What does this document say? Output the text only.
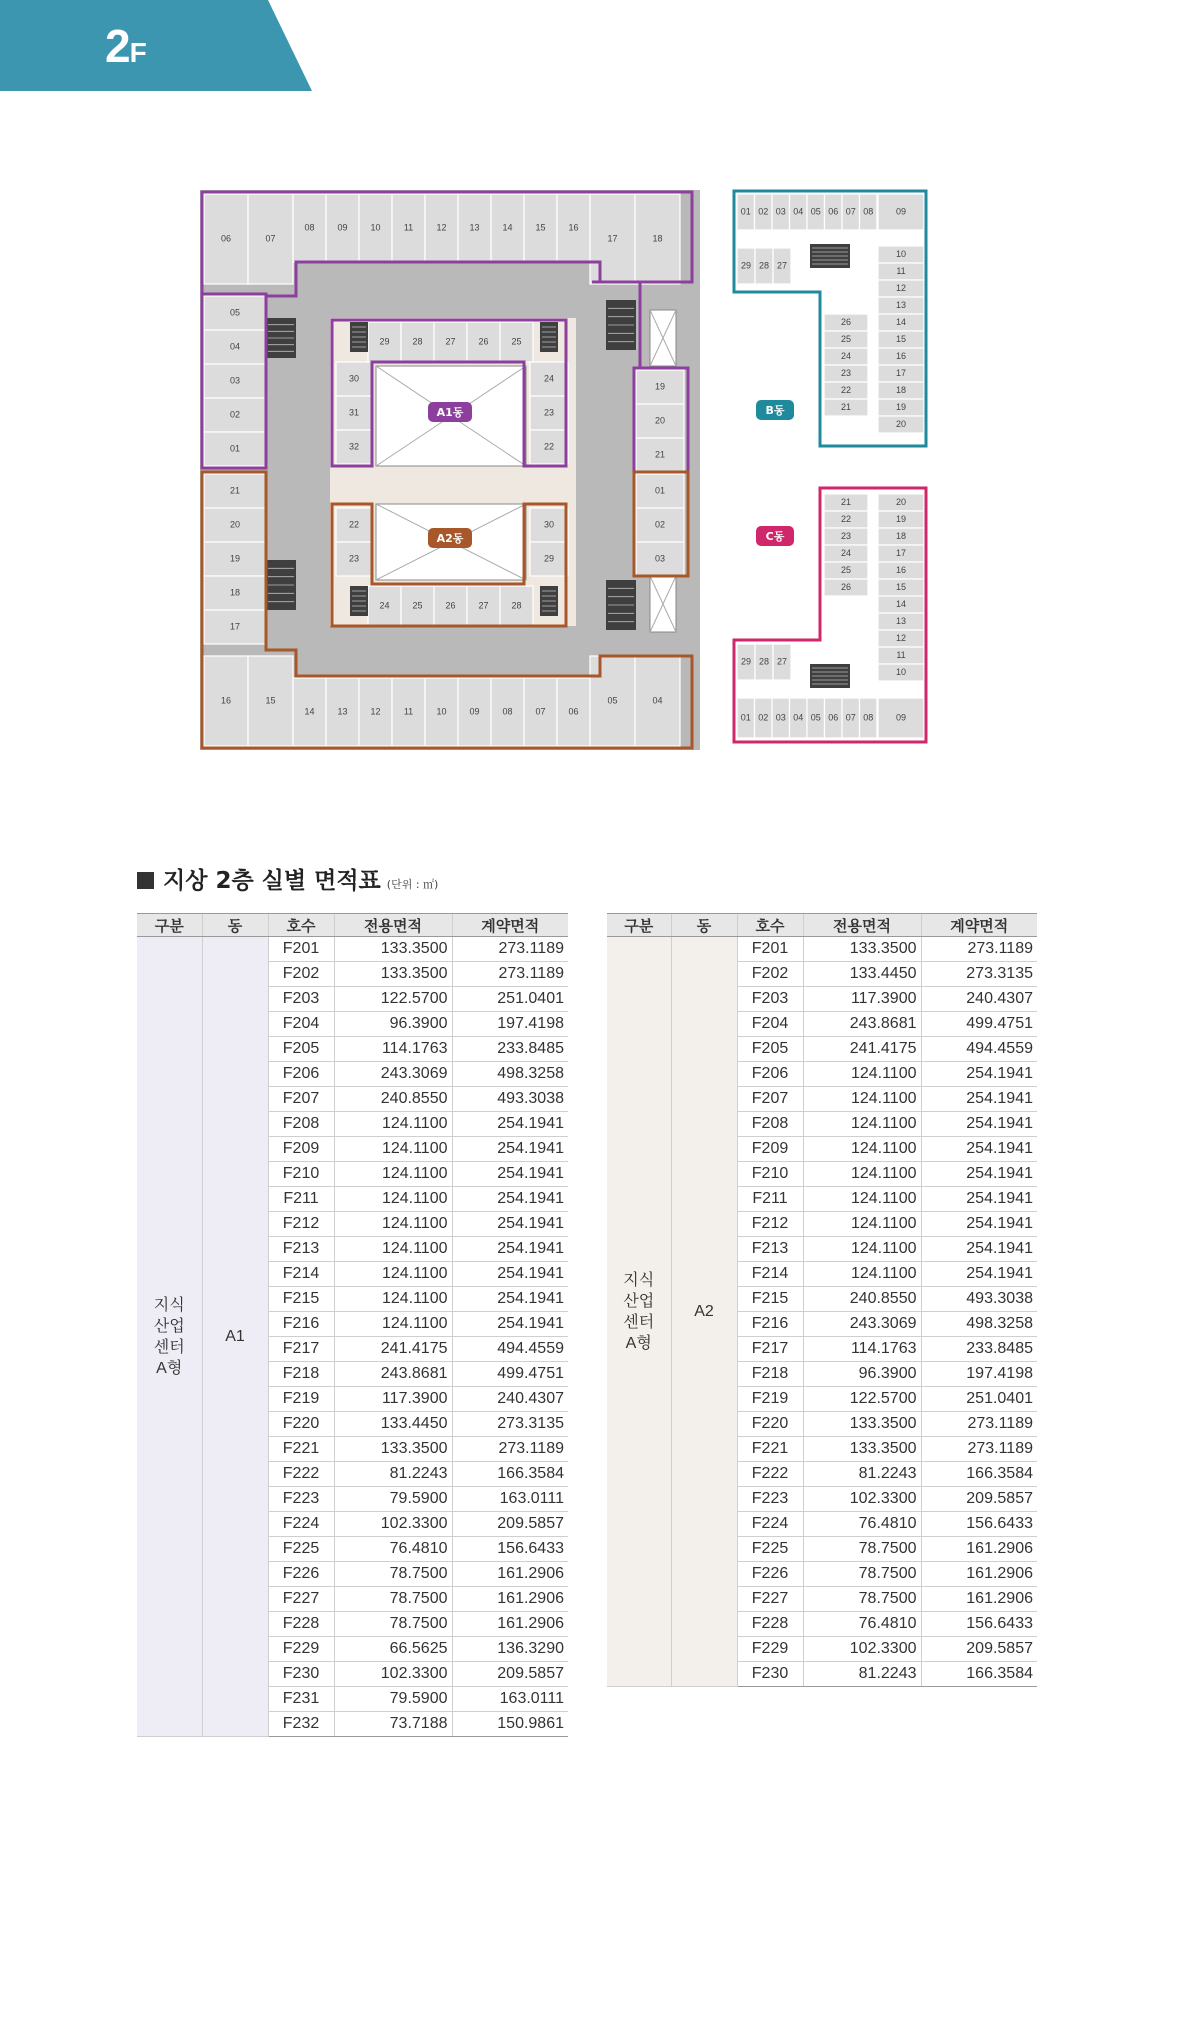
2F
06	07
08	09	10	11	12	13	14	15	16
17	18
05
04
03
02
01
21
20
19
18
17
16	15
14	13	12	11	10	09	08	07	06
05	04
19
20
21
01
02
03
29	28	27	26	25
30
31
32
24
23
22
22
23
30
29
24	25	26	27	28
A1동
A2동
01 02 03 04 05 06 07 08
29 28 27
26
25
24
23
22
21
10
11
12
13
14
15
16
17
18
19
20
09
B동
21
22
23
24
25
26
20
19
18
17
16
15
14
13
12
11
10
29 28 27
01 02 03 04 05 06 07 08	09
C동
지상 2층 실별 면적표 (단위 : ㎡)
구분	동	호수	전용면적	계약면적
지식
산업
센터
A형	A1	F201	133.3500	273.1189
		F202	133.3500	273.1189
		F203	122.5700	251.0401
		F204	96.3900	197.4198
		F205	114.1763	233.8485
		F206	243.3069	498.3258
		F207	240.8550	493.3038
		F208	124.1100	254.1941
		F209	124.1100	254.1941
		F210	124.1100	254.1941
		F211	124.1100	254.1941
		F212	124.1100	254.1941
		F213	124.1100	254.1941
		F214	124.1100	254.1941
		F215	124.1100	254.1941
		F216	124.1100	254.1941
		F217	241.4175	494.4559
		F218	243.8681	499.4751
		F219	117.3900	240.4307
		F220	133.4450	273.3135
		F221	133.3500	273.1189
		F222	81.2243	166.3584
		F223	79.5900	163.0111
		F224	102.3300	209.5857
		F225	76.4810	156.6433
		F226	78.7500	161.2906
		F227	78.7500	161.2906
		F228	78.7500	161.2906
		F229	66.5625	136.3290
		F230	102.3300	209.5857
		F231	79.5900	163.0111
		F232	73.7188	150.9861
구분	동	호수	전용면적	계약면적
지식
산업
센터
A형	A2	F201	133.3500	273.1189
		F202	133.4450	273.3135
		F203	117.3900	240.4307
		F204	243.8681	499.4751
		F205	241.4175	494.4559
		F206	124.1100	254.1941
		F207	124.1100	254.1941
		F208	124.1100	254.1941
		F209	124.1100	254.1941
		F210	124.1100	254.1941
		F211	124.1100	254.1941
		F212	124.1100	254.1941
		F213	124.1100	254.1941
		F214	124.1100	254.1941
		F215	240.8550	493.3038
		F216	243.3069	498.3258
		F217	114.1763	233.8485
		F218	96.3900	197.4198
		F219	122.5700	251.0401
		F220	133.3500	273.1189
		F221	133.3500	273.1189
		F222	81.2243	166.3584
		F223	102.3300	209.5857
		F224	76.4810	156.6433
		F225	78.7500	161.2906
		F226	78.7500	161.2906
		F227	78.7500	161.2906
		F228	76.4810	156.6433
		F229	102.3300	209.5857
		F230	81.2243	166.3584
